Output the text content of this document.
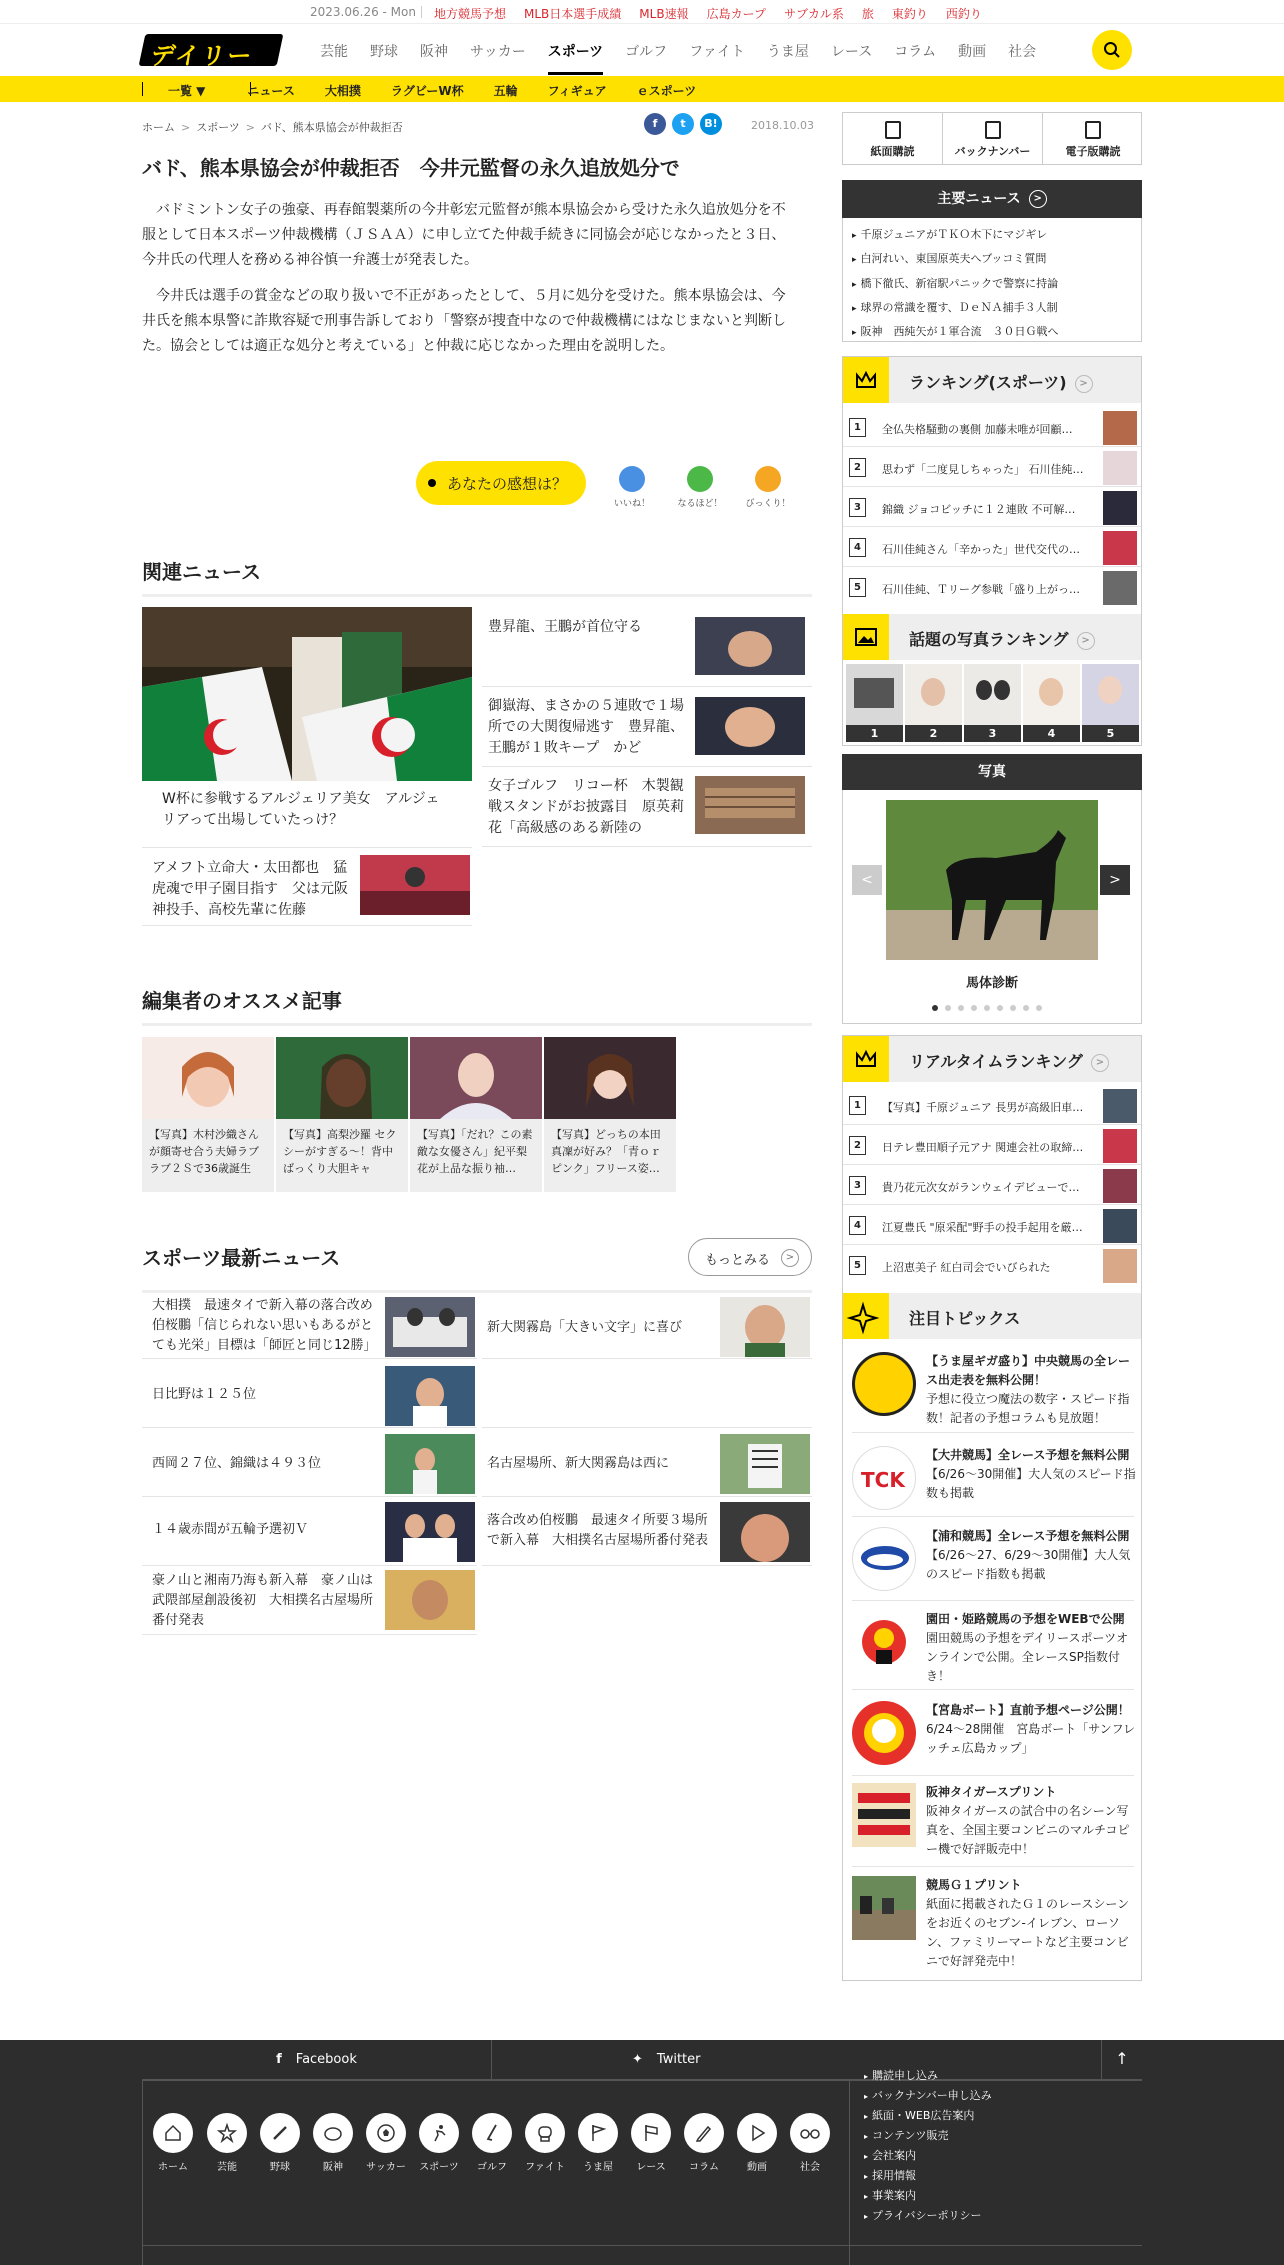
2023.06.26 - Mon 地方競馬予想 MLB日本選手成績 MLB速報 広島カープ サブカル系 旅 東釣り 西釣り
デイリー	芸能 野球 阪神 サッカー スポーツ ゴルフ ファイト うま屋 レース コラム 動画 社会
一覧 ▼	ニュース	大相撲	ラグビーW杯	五輪	フィギュア	ｅスポーツ
ホーム > スポーツ > バド、熊本県協会が仲裁拒否	f	t	B!	2018.10.03
バド、熊本県協会が仲裁拒否　今井元監督の永久追放処分で

バドミントン女子の強豪、再春館製薬所の今井彰宏元監督が熊本県協会から受けた永久追放処分を不服として日本スポーツ仲裁機構（ＪＳＡＡ）に申し立てた仲裁手続きに同協会が応じなかったと３日、今井氏の代理人を務める神谷慎一弁護士が発表した。

今井氏は選手の賞金などの取り扱いで不正があったとして、５月に処分を受けた。熊本県協会は、今井氏を熊本県警に詐欺容疑で刑事告訴しており「警察が捜査中なので仲裁機構にはなじまないと判断した。協会としては適正な処分と考えている」と仲裁に応じなかった理由を説明した。

あなたの感想は？
いいね！	なるほど！	びっくり！
関連ニュース

W杯に参戦するアルジェリア美女　アルジェリアって出場していたっけ？

アメフト立命大・太田都也　猛虎魂で甲子園目指す　父は元阪神投手、高校先輩に佐藤

豊昇龍、王鵬が首位守る

御嶽海、まさかの５連敗で１場所での大関復帰逃す　豊昇龍、王鵬が１敗キープ　かど

女子ゴルフ　リコー杯　木製観戦スタンドがお披露目　原英莉花「高級感のある新陸の

編集者のオススメ記事
【写真】木村沙織さんが顔寄せ合う夫婦ラブラブ２Ｓで36歳誕生
【写真】高梨沙羅 セクシーがすぎる〜！背中ばっくり大胆キャ
【写真】「だれ？この素敵な女優さん」紀平梨花が上品な振り袖…
【写真】どっちの本田真凜が好み？「青ｏｒピンク」フリース姿…
スポーツ最新ニュース	もっとみる	>

大相撲　最速タイで新入幕の落合改め伯桜鵬「信じられない思いもあるがとても光栄」目標は「師匠と同じ12勝」

日比野は１２５位

西岡２７位、錦織は４９３位

１４歳赤間が五輪予選初Ｖ

豪ノ山と湘南乃海も新入幕　豪ノ山は武隈部屋創設後初　大相撲名古屋場所番付発表

新大関霧島「大きい文字」に喜び

名古屋場所、新大関霧島は西に

落合改め伯桜鵬　最速タイ所要３場所で新入幕　大相撲名古屋場所番付発表

紙面購読	バックナンバー	電子版購読
主要ニュース >
▸ 千原ジュニアがＴＫＯ木下にマジギレ
▸ 白河れい、東国原英夫へブッコミ質問
▸ 橋下徹氏、新宿駅パニックで警察に持論
▸ 球界の常識を覆す、ＤｅＮＡ捕手３人制
▸ 阪神　西純矢が１軍合流　３０日Ｇ戦へ
ランキング(スポーツ) >
1	全仏失格騒動の裏側 加藤未唯が回顧…
2	思わず「二度見しちゃった」 石川佳純…
3	錦織 ジョコビッチに１２連敗 不可解…
4	石川佳純さん「辛かった」世代交代の…
5	石川佳純、Ｔリーグ参戦「盛り上がっ…
話題の写真ランキング >
1	2	3	4	5
写真
<	>
馬体診断
リアルタイムランキング >
1	【写真】千原ジュニア 長男が高級旧車…
2	日テレ豊田順子元アナ 関連会社の取締…
3	貴乃花元次女がランウェイデビューで…
4	江夏豊氏 "原采配"野手の投手起用を厳…
5	上沼恵美子 紅白司会でいびられた
注目トピックス
【うま屋ギガ盛り】中央競馬の全レース出走表を無料公開！
予想に役立つ魔法の数字・スピード指数！記者の予想コラムも見放題！
TCK
【大井競馬】全レース予想を無料公開
【6/26〜30開催】大人気のスピード指数も掲載
【浦和競馬】全レース予想を無料公開
【6/26〜27、6/29〜30開催】大人気のスピード指数も掲載
園田・姫路競馬の予想をWEBで公開
園田競馬の予想をデイリースポーツオンラインで公開。全レースSP指数付き！
【宮島ボート】直前予想ページ公開！
6/24〜28開催　宮島ボート「サンフレッチェ広島カップ」
阪神タイガースプリント
阪神タイガースの試合中の名シーン写真を、全国主要コンビニのマルチコピー機で好評販売中！
競馬Ｇ１プリント
紙面に掲載されたＧ１のレースシーンをお近くのセブン-イレブン、ローソン、ファミリーマートなど主要コンビニで好評発売中！
f Facebook	✦ Twitter	↑
ホーム	芸能	野球	阪神	サッカー スポーツ	ゴルフ	ファイト	うま屋	レース	コラム	動画	社会
▸ 購読申し込み
▸ バックナンバー申し込み
▸ 紙面・WEB広告案内
▸ コンテンツ販売
▸ 会社案内
▸ 採用情報
▸ 事業案内
▸ プライバシーポリシー
